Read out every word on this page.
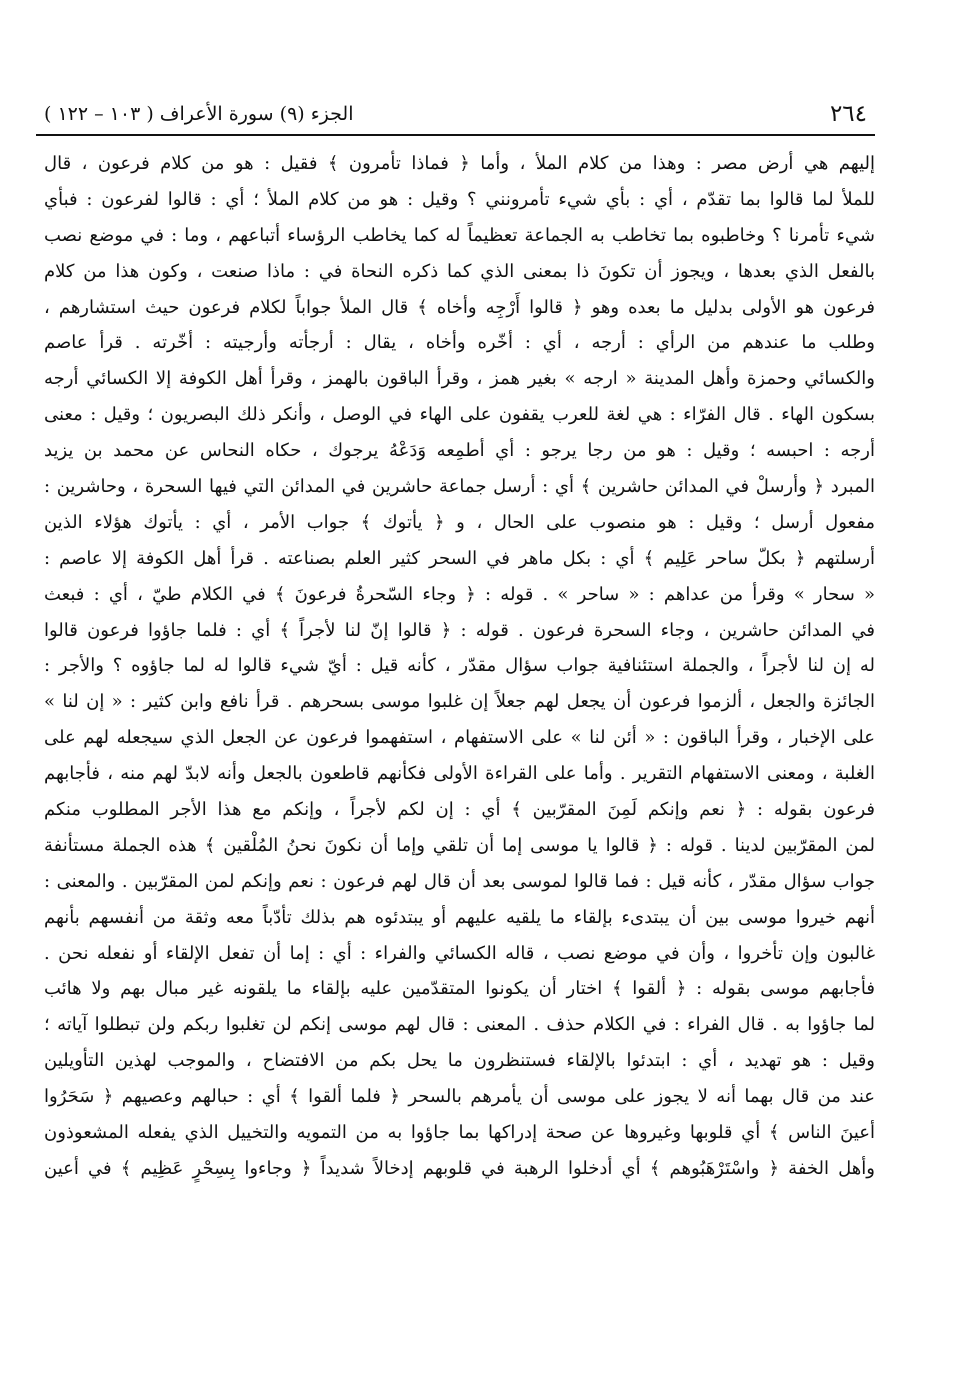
٢٦٤
الجزء (٩) سورة الأعراف ( ١٠٣ – ١٢٢ )
إليهم هي أرض مصر : وهذا من كلام الملأ ، وأما ﴿ فماذا تأمرون ﴾ فقيل : هو من كلام فرعون ، قال
للملأ لما قالوا بما تقدّم ، أي : بأي شيء تأمرونني ؟ وقيل : هو من كلام الملأ ؛ أي : قالوا لفرعون : فبأي
شيء تأمرنا ؟ وخاطبوه بما تخاطب به الجماعة تعظيماً له كما يخاطب الرؤساء أتباعهم ، وما : في موضع نصب
بالفعل الذي بعدها ، ويجوز أن تكونَ ذا بمعنى الذي كما ذكره النحاة في : ماذا صنعت ، وكون هذا من كلام
فرعون هو الأولى بدليل ما بعده وهو ﴿ قالوا أَرْجِه وأخاه ﴾ قال الملأ جواباً لكلام فرعون حيث استشارهم ،
وطلب ما عندهم من الرأي : أرجه ، أي : أخّره وأخاه ، يقال : أرجأته وأرجيته : أخّرته . قرأ عاصم
والكسائي وحمزة وأهل المدينة « ارجه » بغير همز ، وقرأ الباقون بالهمز ، وقرأ أهل الكوفة إلا الكسائي أرجه
بسكون الهاء . قال الفرّاء : هي لغة للعرب يقفون على الهاء في الوصل ، وأنكر ذلك البصريون ؛ وقيل : معنى
أرجه : احبسه ؛ وقيل : هو من رجا يرجو : أي أطمِعه وَدَعْهُ يرجوك ، حكاه النحاس عن محمد بن يزيد
المبرد ﴿ وأرسلْ في المدائن حاشرين ﴾ أي : أرسل جماعة حاشرين في المدائن التي فيها السحرة ، وحاشرين :
مفعول أرسل ؛ وقيل : هو منصوب على الحال ، و ﴿ يأتوك ﴾ جواب الأمر ، أي : يأتوك هؤلاء الذين
أرسلتهم ﴿ بكلّ ساحر عَلِيم ﴾ أي : بكل ماهر في السحر كثير العلم بصناعته . قرأ أهل الكوفة إلا عاصم :
« سحار » وقرأ من عداهم : « ساحر » . قوله : ﴿ وجاء السّحرةُ فرعونَ ﴾ في الكلام طيّ ، أي : فبعث
في المدائن حاشرين ، وجاء السحرة فرعون . قوله : ﴿ قالوا إنّ لنا لأجراً ﴾ أي : فلما جاؤوا فرعون قالوا
له إن لنا لأجراً ، والجملة استئنافية جواب سؤال مقدّر ، كأنه قيل : أيّ شيء قالوا له لما جاؤوه ؟ والأجر :
الجائزة والجعل ، ألزموا فرعون أن يجعل لهم جعلاً إن غلبوا موسى بسحرهم . قرأ نافع وابن كثير : « إن لنا »
على الإخبار ، وقرأ الباقون : « أئن لنا » على الاستفهام ، استفهموا فرعون عن الجعل الذي سيجعله لهم على
الغلبة ، ومعنى الاستفهام التقرير . وأما على القراءة الأولى فكأنهم قاطعون بالجعل وأنه لابدّ لهم منه ، فأجابهم
فرعون بقوله : ﴿ نعم وإنكم لَمِنَ المقرّبين ﴾ أي : إن لكم لأجراً ، وإنكم مع هذا الأجر المطلوب منكم
لمن المقرّبين لدينا . قوله : ﴿ قالوا يا موسى إما أن تلقي وإما أن نكونَ نحنُ المُلْقين ﴾ هذه الجملة مستأنفة
جواب سؤال مقدّر ، كأنه قيل : فما قالوا لموسى بعد أن قال لهم فرعون : نعم وإنكم لمن المقرّبين . والمعنى :
أنهم خيروا موسى بين أن يبتدىء بإلقاء ما يلقيه عليهم أو يبتدئوه هم بذلك تأدّباً معه وثقة من أنفسهم بأنهم
غالبون وإن تأخروا ، وأن في موضع نصب ، قاله الكسائي والفراء : أي : إما أن تفعل الإلقاء أو نفعله نحن .
فأجابهم موسى بقوله : ﴿ ألقوا ﴾ اختار أن يكونوا المتقدّمين عليه بإلقاء ما يلقونه غير مبال بهم ولا هائب
لما جاؤوا به . قال الفراء : في الكلام حذف . المعنى : قال لهم موسى إنكم لن تغلبوا ربكم ولن تبطلوا آياته ؛
وقيل : هو تهديد ، أي : ابتدئوا بالإلقاء فستنظرون ما يحل بكم من الافتضاح ، والموجب لهذين التأويلين
عند من قال بهما أنه لا يجوز على موسى أن يأمرهم بالسحر ﴿ فلما ألقوا ﴾ أي : حبالهم وعصيهم ﴿ سَحَرُوا
أعينَ الناس ﴾ أي قلوبها وغيروها عن صحة إدراكها بما جاؤوا به من التمويه والتخييل الذي يفعله المشعوذون
وأهل الخفة ﴿ واسْتَرْهَبُوهم ﴾ أي أدخلوا الرهبة في قلوبهم إدخالاً شديداً ﴿ وجاءوا بِسِحْرٍ عَظِيم ﴾ في أعين
